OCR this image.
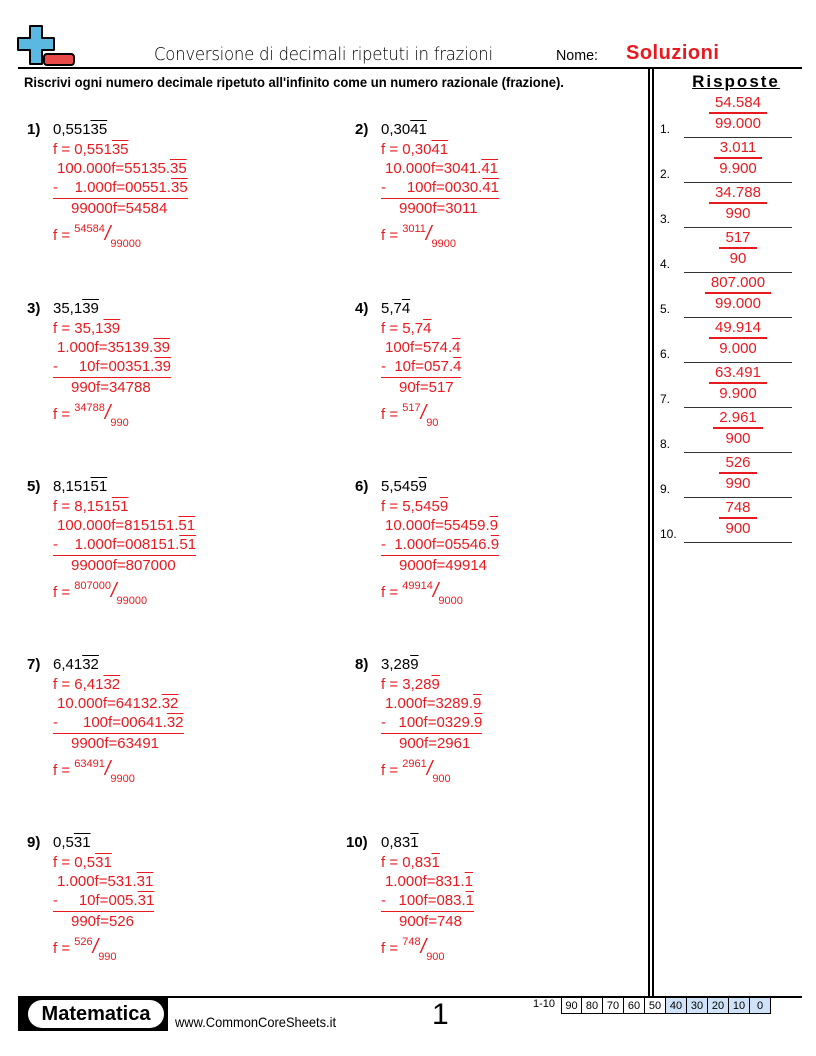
Conversione di decimali ripetuti in frazioni	Nome: Soluzioni
Riscrivi ogni numero decimale ripetuto all'infinito come un numero razionale (frazione).	Risposte
1. $\frac{54.584}{99.000}$
2. $\frac{3.011}{9.900}$
3. $\frac{34.788}{990}$
4. $\frac{517}{90}$
5. $\frac{807.000}{99.000}$
6. $\frac{49.914}{9.000}$
7. $\frac{63.491}{9.900}$
8. $\frac{2.961}{900}$
9. $\frac{526}{990}$
10. $\frac{748}{900}$
1) 0,55135
f = 0,55135
100.000f=55135.35
-    1.000f=00551.35
99000f=54584
$f = ^{54584}/_{99000}$
2) 0,3041
f = 0,3041
10.000f=3041.41
-     100f=0030.41
9900f=3011
$f = ^{3011}/_{9900}$
3) 35,139
f = 35,139
1.000f=35139.39
-     10f=00351.39
990f=34788
$f = ^{34788}/_{990}$
4) 5,74
f = 5,74
100f=574.4
-  10f=057.4
90f=517
$f = ^{517}/_{90}$
5) 8,15151
f = 8,15151
100.000f=815151.51
-    1.000f=008151.51
99000f=807000
$f = ^{807000}/_{99000}$
6) 5,5459
f = 5,5459
10.000f=55459.9
-  1.000f=05546.9
9000f=49914
$f = ^{49914}/_{9000}$
7) 6,4132
f = 6,4132
10.000f=64132.32
-      100f=00641.32
9900f=63491
$f = ^{63491}/_{9900}$
8) 3,289
f = 3,289
1.000f=3289.9
-   100f=0329.9
900f=2961
$f = ^{2961}/_{900}$
9) 0,531
f = 0,531
1.000f=531.31
-     10f=005.31
990f=526
$f = ^{526}/_{990}$
10) 0,831
f = 0,831
1.000f=831.1
-   100f=083.1
900f=748
$f = ^{748}/_{900}$
Matematica	www.CommonCoreSheets.it	1	1-10 90 80 70 60 50 40 30 20 10	0
